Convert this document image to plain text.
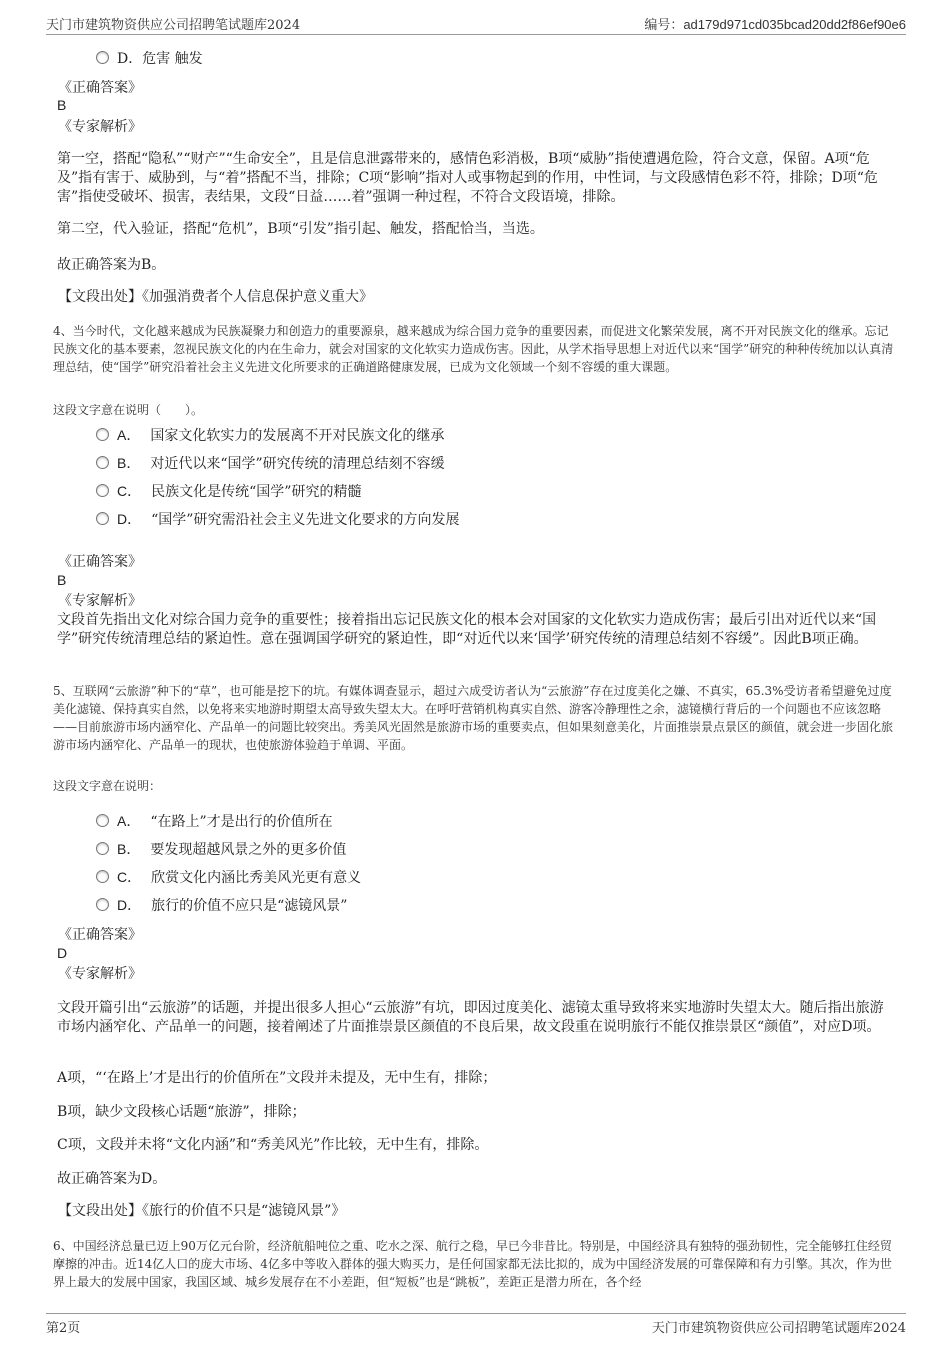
天门市建筑物资供应公司招聘笔试题库2024	编号：ad179d971cd035bcad20dd2f86ef90e6
D．危害 触发
《正确答案》
B
《专家解析》
第一空，搭配“隐私”“财产”“生命安全”，且是信息泄露带来的，感情色彩消极，B项“威胁”指使遭遇危险，符合文意，保留。A项“危及”指有害于、威胁到，与“着”搭配不当，排除；C项“影响”指对人或事物起到的作用，中性词，与文段感情色彩不符，排除；D项“危害”指使受破坏、损害，表结果，文段“日益……着”强调一种过程，不符合文段语境，排除。
第二空，代入验证，搭配“危机”，B项“引发”指引起、触发，搭配恰当，当选。
故正确答案为B。
【文段出处】《加强消费者个人信息保护意义重大》
4、当今时代，文化越来越成为民族凝聚力和创造力的重要源泉，越来越成为综合国力竞争的重要因素，而促进文化繁荣发展，离不开对民族文化的继承。忘记民族文化的基本要素，忽视民族文化的内在生命力，就会对国家的文化软实力造成伤害。因此，从学术指导思想上对近代以来“国学”研究的种种传统加以认真清理总结，使“国学”研究沿着社会主义先进文化所要求的正确道路健康发展，已成为文化领域一个刻不容缓的重大课题。
这段文字意在说明（　　）。
A． 国家文化软实力的发展离不开对民族文化的继承
B． 对近代以来“国学”研究传统的清理总结刻不容缓
C． 民族文化是传统“国学”研究的精髓
D． “国学”研究需沿社会主义先进文化要求的方向发展
《正确答案》
B
《专家解析》
文段首先指出文化对综合国力竞争的重要性；接着指出忘记民族文化的根本会对国家的文化软实力造成伤害；最后引出对近代以来“国学”研究传统清理总结的紧迫性。意在强调国学研究的紧迫性，即“对近代以来‘国学’研究传统的清理总结刻不容缓”。因此B项正确。
5、互联网“云旅游”种下的“草”，也可能是挖下的坑。有媒体调查显示，超过六成受访者认为“云旅游”存在过度美化之嫌、不真实，65.3%受访者希望避免过度美化滤镜、保持真实自然，以免将来实地游时期望太高导致失望太大。在呼吁营销机构真实自然、游客冷静理性之余，滤镜横行背后的一个问题也不应该忽略——目前旅游市场内涵窄化、产品单一的问题比较突出。秀美风光固然是旅游市场的重要卖点，但如果刻意美化，片面推崇景点景区的颜值，就会进一步固化旅游市场内涵窄化、产品单一的现状，也使旅游体验趋于单调、平面。
这段文字意在说明：
A． “在路上”才是出行的价值所在
B． 要发现超越风景之外的更多价值
C． 欣赏文化内涵比秀美风光更有意义
D． 旅行的价值不应只是“滤镜风景”
《正确答案》
D
《专家解析》
文段开篇引出“云旅游”的话题，并提出很多人担心“云旅游”有坑，即因过度美化、滤镜太重导致将来实地游时失望太大。随后指出旅游市场内涵窄化、产品单一的问题，接着阐述了片面推崇景区颜值的不良后果，故文段重在说明旅行不能仅推崇景区“颜值”，对应D项。
A项，“‘在路上’才是出行的价值所在”文段并未提及，无中生有，排除；
B项，缺少文段核心话题“旅游”，排除；
C项，文段并未将“文化内涵”和“秀美风光”作比较，无中生有，排除。
故正确答案为D。
【文段出处】《旅行的价值不只是“滤镜风景”》
6、中国经济总量已迈上90万亿元台阶，经济航船吨位之重、吃水之深、航行之稳，早已今非昔比。特别是，中国经济具有独特的强劲韧性，完全能够扛住经贸摩擦的冲击。近14亿人口的庞大市场、4亿多中等收入群体的强大购买力，是任何国家都无法比拟的，成为中国经济发展的可靠保障和有力引擎。其次，作为世界上最大的发展中国家，我国区域、城乡发展存在不小差距，但“短板”也是“跳板”，差距正是潜力所在，各个经
第2页	天门市建筑物资供应公司招聘笔试题库2024
